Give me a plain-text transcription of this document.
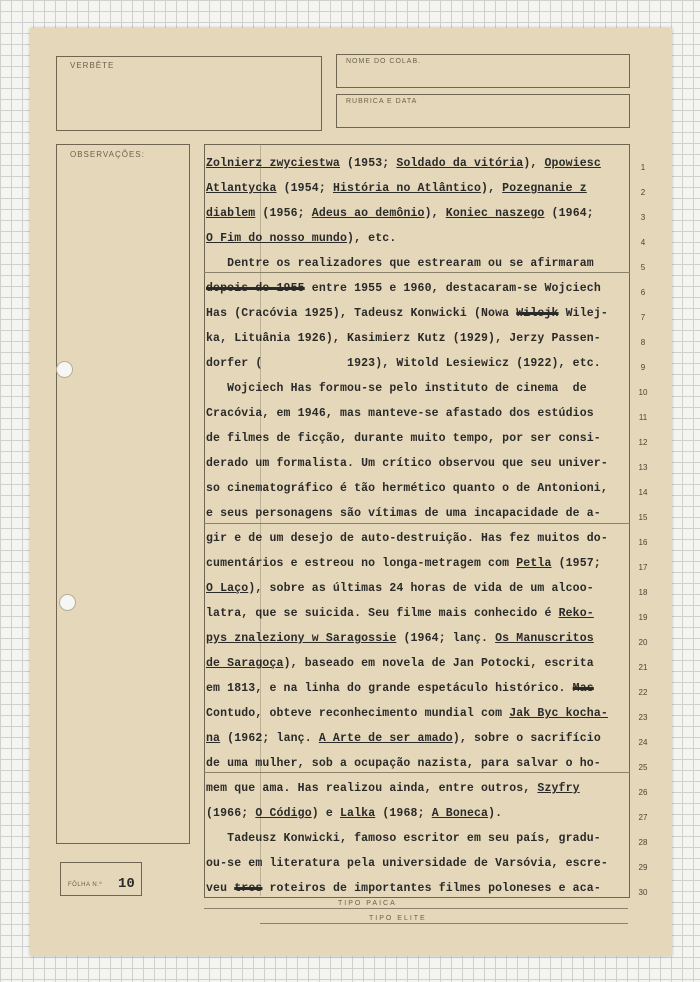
VERBÊTE	NOME DO COLAB.
RUBRICA E DATA
OBSERVAÇÕES:
FÔLHA N.º 10
TIPO PAICA
TIPO ELITE
Zolnierz zwyciestwa (1953; Soldado da vitória), Opowiesc
Atlantycka (1954; História no Atlântico), Pozegnanie z
diablem (1956; Adeus ao demônio), Koniec naszego (1964;
O Fim do nosso mundo), etc.
Dentre os realizadores que estrearam ou se afirmaram
depois de 1955 entre 1955 e 1960, destacaram-se Wojciech
Has (Cracóvia 1925), Tadeusz Konwicki (Nowa Wilejk Wilej-
ka, Lituânia 1926), Kasimierz Kutz (1929), Jerzy Passen-
dorfer (            1923), Witold Lesiewicz (1922), etc.
Wojciech Has formou-se pelo instituto de cinema  de
Cracóvia, em 1946, mas manteve-se afastado dos estúdios
de filmes de ficção, durante muito tempo, por ser consi-
derado um formalista. Um crítico observou que seu univer-
so cinematográfico é tão hermético quanto o de Antonioni,
e seus personagens são vítimas de uma incapacidade de a-
gir e de um desejo de auto-destruição. Has fez muitos do-
cumentários e estreou no longa-metragem com Petla (1957;
O Laço), sobre as últimas 24 horas de vida de um alcoo-
latra, que se suicida. Seu filme mais conhecido é Reko-
pys znaleziony w Saragossie (1964; lanç. Os Manuscritos
de Saragoça), baseado em novela de Jan Potocki, escrita
em 1813, e na linha do grande espetáculo histórico. Mas
Contudo, obteve reconhecimento mundial com Jak Byc kocha-
na (1962; lanç. A Arte de ser amado), sobre o sacrifício
de uma mulher, sob a ocupação nazista, para salvar o ho-
mem que ama. Has realizou ainda, entre outros, Szyfry
(1966; O Código) e Lalka (1968; A Boneca).
Tadeusz Konwicki, famoso escritor em seu país, gradu-
ou-se em literatura pela universidade de Varsóvia, escre-
veu tres roteiros de importantes filmes poloneses e aca-
1
2
3
4
5
6
7
8
9
10
11
12
13
14
15
16
17
18
19
20
21
22
23
24
25
26
27
28
29
30
